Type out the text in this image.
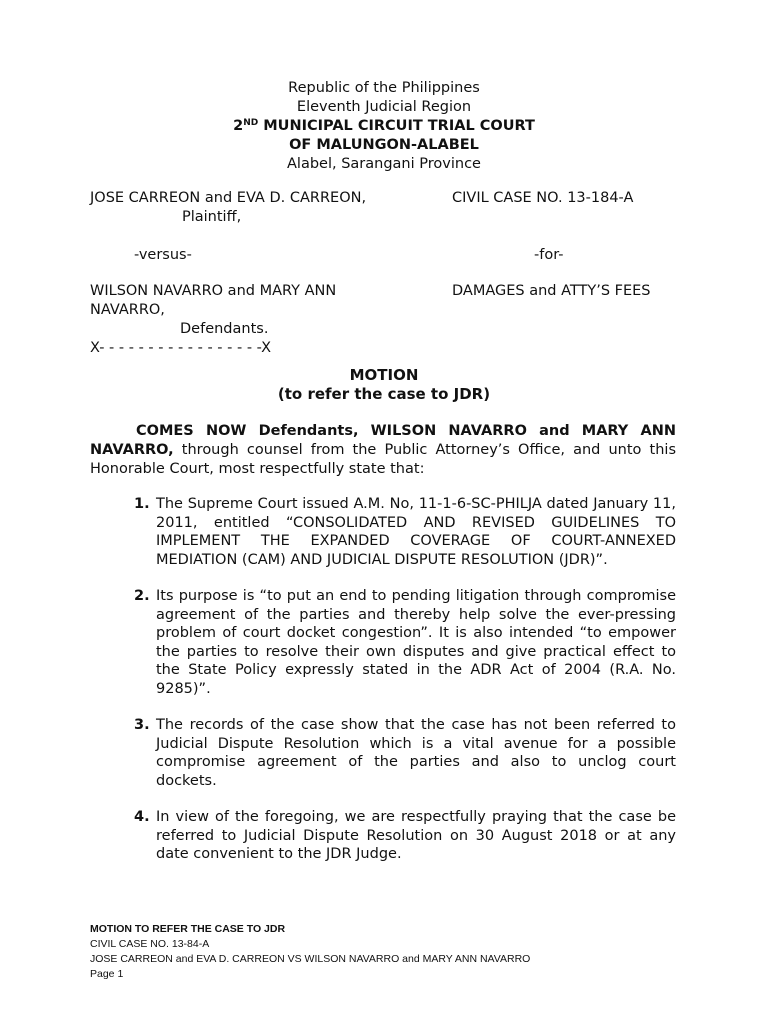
Republic of the Philippines
Eleventh Judicial Region
2ND MUNICIPAL CIRCUIT TRIAL COURT
OF MALUNGON-ALABEL
Alabel, Sarangani Province
JOSE CARREON and EVA D. CARREON,	CIVIL CASE NO. 13-184-A
Plaintiff,
-versus-	-for-
WILSON NAVARRO and MARY ANN	DAMAGES and ATTY’S FEES
NAVARRO,
Defendants.
X- - - - - - - - - - - - - - - - -X
MOTION
(to refer the case to JDR)
COMES NOW Defendants, WILSON NAVARRO and MARY ANN NAVARRO, through counsel from the Public Attorney’s Office, and unto this Honorable Court, most respectfully state that:
1. The Supreme Court issued A.M. No, 11-1-6-SC-PHILJA dated January 11, 2011, entitled “CONSOLIDATED AND REVISED GUIDELINES TO IMPLEMENT THE EXPANDED COVERAGE OF COURT-ANNEXED MEDIATION (CAM) AND JUDICIAL DISPUTE RESOLUTION (JDR)”.
2. Its purpose is “to put an end to pending litigation through compromise agreement of the parties and thereby help solve the ever-pressing problem of court docket congestion”. It is also intended “to empower the parties to resolve their own disputes and give practical effect to the State Policy expressly stated in the ADR Act of 2004 (R.A. No. 9285)”.
3. The records of the case show that the case has not been referred to Judicial Dispute Resolution which is a vital avenue for a possible compromise agreement of the parties and also to unclog court dockets.
4. In view of the foregoing, we are respectfully praying that the case be referred to Judicial Dispute Resolution on 30 August 2018 or at any date convenient to the JDR Judge.
MOTION TO REFER THE CASE TO JDR
CIVIL CASE NO. 13-84-A
JOSE CARREON and EVA D. CARREON VS WILSON NAVARRO and MARY ANN NAVARRO
Page 1
